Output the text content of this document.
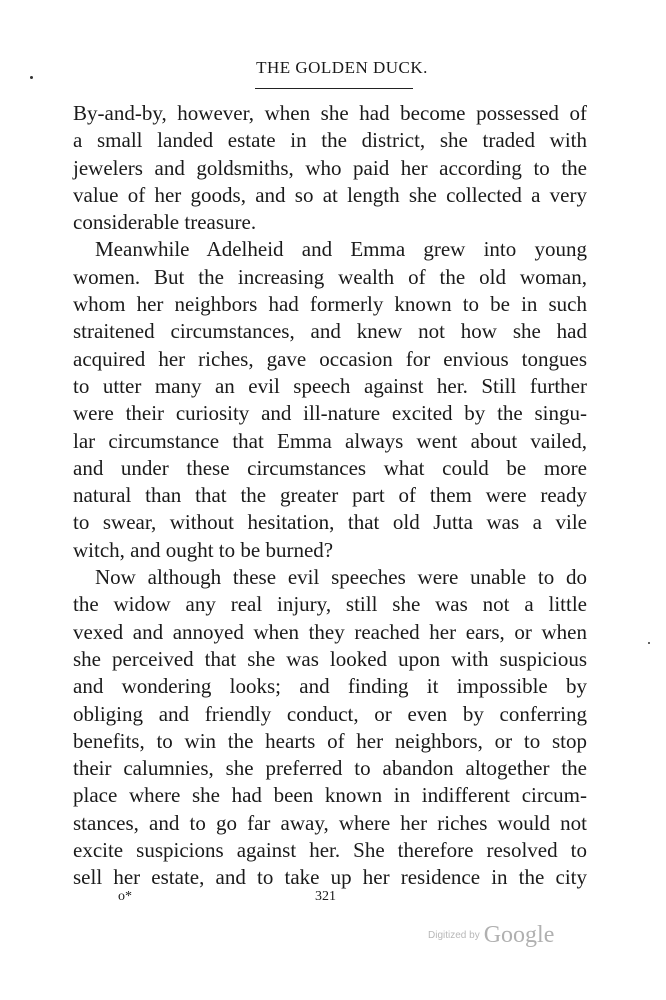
THE GOLDEN DUCK.
By-and-by, however, when she had become possessed of
a small landed estate in the district, she traded with
jewelers and goldsmiths, who paid her according to the
value of her goods, and so at length she collected a very
considerable treasure.
Meanwhile Adelheid and Emma grew into young
women. But the increasing wealth of the old woman,
whom her neighbors had formerly known to be in such
straitened circumstances, and knew not how she had
acquired her riches, gave occasion for envious tongues
to utter many an evil speech against her. Still further
were their curiosity and ill-nature excited by the singu-
lar circumstance that Emma always went about vailed,
and under these circumstances what could be more
natural than that the greater part of them were ready
to swear, without hesitation, that old Jutta was a vile
witch, and ought to be burned?
Now although these evil speeches were unable to do
the widow any real injury, still she was not a little
vexed and annoyed when they reached her ears, or when
she perceived that she was looked upon with suspicious
and wondering looks; and finding it impossible by
obliging and friendly conduct, or even by conferring
benefits, to win the hearts of her neighbors, or to stop
their calumnies, she preferred to abandon altogether the
place where she had been known in indifferent circum-
stances, and to go far away, where her riches would not
excite suspicions against her. She therefore resolved to
sell her estate, and to take up her residence in the city
o*	321
Digitized by Google
